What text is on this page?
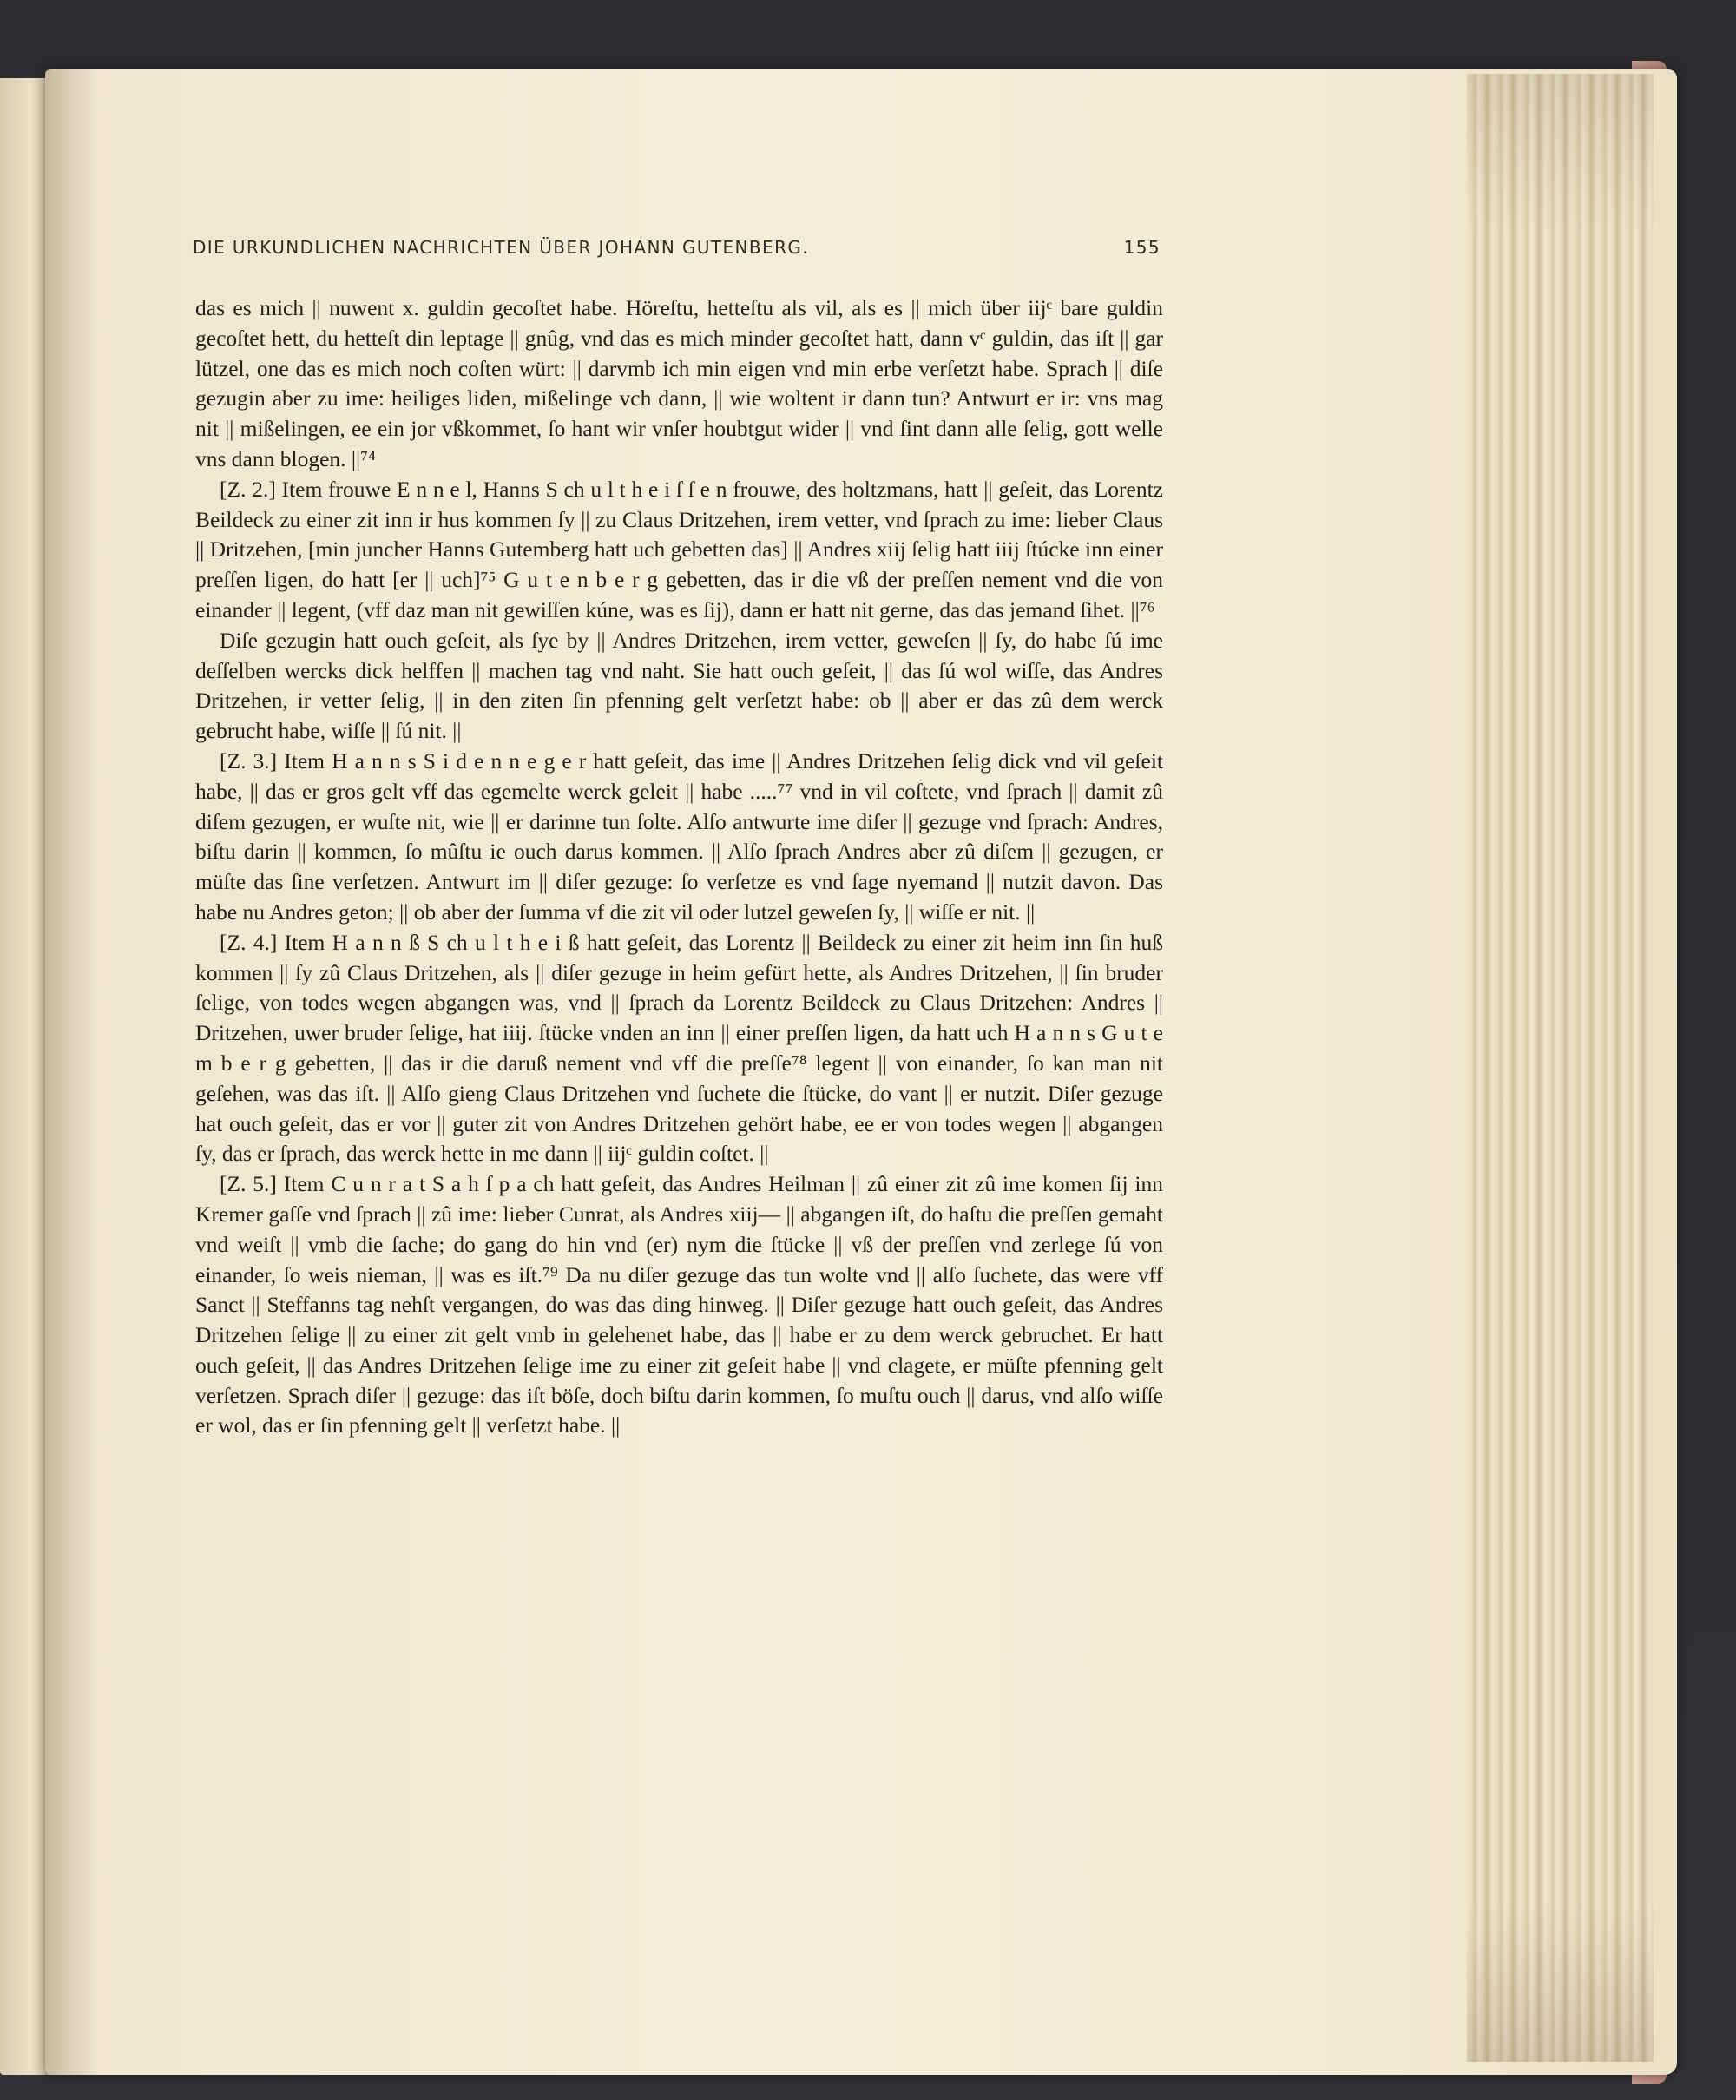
DIE URKUNDLICHEN NACHRICHTEN ÜBER JOHANN GUTENBERG.	155

das es mich || nuwent x. guldin gecoſtet habe. Höreſtu, hetteſtu als vil, als es || mich über iijᶜ bare guldin gecoſtet hett, du hetteſt din leptage || gnûg, vnd das es mich minder gecoſtet hatt, dann vᶜ guldin, das iſt || gar lützel, one das es mich noch coſten würt: || darvmb ich min eigen vnd min erbe verſetzt habe. Sprach || diſe gezugin aber zu ime: heiliges liden, mißelinge vch dann, || wie woltent ir dann tun? Antwurt er ir: vns mag nit || mißelingen, ee ein jor vßkommet, ſo hant wir vnſer houbtgut wider || vnd ſint dann alle ſelig, gott welle vns dann blogen. ||⁷⁴

[Z. 2.] Item frouwe E n n e l, Hanns S ch u l t h e i ſ ſ e n frouwe, des holtzmans, hatt || geſeit, das Lorentz Beildeck zu einer zit inn ir hus kommen ſy || zu Claus Dritzehen, irem vetter, vnd ſprach zu ime: lieber Claus || Dritzehen, [min juncher Hanns Gutemberg hatt uch gebetten das] || Andres xiij ſelig hatt iiij ſtúcke inn einer preſſen ligen, do hatt [er || uch]⁷⁵ G u t e n b e r g gebetten, das ir die vß der preſſen nement vnd die von einander || legent, (vff daz man nit gewiſſen kúne, was es ſij), dann er hatt nit gerne, das das jemand ſihet. ||⁷⁶

Diſe gezugin hatt ouch geſeit, als ſye by || Andres Dritzehen, irem vetter, geweſen || ſy, do habe ſú ime deſſelben wercks dick helffen || machen tag vnd naht. Sie hatt ouch geſeit, || das ſú wol wiſſe, das Andres Dritzehen, ir vetter ſelig, || in den ziten ſin pfenning gelt verſetzt habe: ob || aber er das zû dem werck gebrucht habe, wiſſe || ſú nit. ||

[Z. 3.] Item H a n n s S i d e n n e g e r hatt geſeit, das ime || Andres Dritzehen ſelig dick vnd vil geſeit habe, || das er gros gelt vff das egemelte werck geleit || habe .....⁷⁷ vnd in vil coſtete, vnd ſprach || damit zû diſem gezugen, er wuſte nit, wie || er darinne tun ſolte. Alſo antwurte ime diſer || gezuge vnd ſprach: Andres, biſtu darin || kommen, ſo mûſtu ie ouch darus kommen. || Alſo ſprach Andres aber zû diſem || gezugen, er müſte das ſine verſetzen. Antwurt im || diſer gezuge: ſo verſetze es vnd ſage nyemand || nutzit davon. Das habe nu Andres geton; || ob aber der ſumma vf die zit vil oder lutzel geweſen ſy, || wiſſe er nit. ||

[Z. 4.] Item H a n n ß S ch u l t h e i ß hatt geſeit, das Lorentz || Beildeck zu einer zit heim inn ſin huß kommen || ſy zû Claus Dritzehen, als || diſer gezuge in heim gefürt hette, als Andres Dritzehen, || ſin bruder ſelige, von todes wegen abgangen was, vnd || ſprach da Lorentz Beildeck zu Claus Dritzehen: Andres || Dritzehen, uwer bruder ſelige, hat iiij. ſtücke vnden an inn || einer preſſen ligen, da hatt uch H a n n s G u t e m b e r g gebetten, || das ir die daruß nement vnd vff die preſſe⁷⁸ legent || von einander, ſo kan man nit geſehen, was das iſt. || Alſo gieng Claus Dritzehen vnd ſuchete die ſtücke, do vant || er nutzit. Diſer gezuge hat ouch geſeit, das er vor || guter zit von Andres Dritzehen gehört habe, ee er von todes wegen || abgangen ſy, das er ſprach, das werck hette in me dann || iijᶜ guldin coſtet. ||

[Z. 5.] Item C u n r a t S a h ſ p a ch hatt geſeit, das Andres Heilman || zû einer zit zû ime komen ſij inn Kremer gaſſe vnd ſprach || zû ime: lieber Cunrat, als Andres xiij— || abgangen iſt, do haſtu die preſſen gemaht vnd weiſt || vmb die ſache; do gang do hin vnd (er) nym die ſtücke || vß der preſſen vnd zerlege ſú von einander, ſo weis nieman, || was es iſt.⁷⁹ Da nu diſer gezuge das tun wolte vnd || alſo ſuchete, das were vff Sanct || Steffanns tag nehſt vergangen, do was das ding hinweg. || Diſer gezuge hatt ouch geſeit, das Andres Dritzehen ſelige || zu einer zit gelt vmb in gelehenet habe, das || habe er zu dem werck gebruchet. Er hatt ouch geſeit, || das Andres Dritzehen ſelige ime zu einer zit geſeit habe || vnd clagete, er müſte pfenning gelt verſetzen. Sprach diſer || gezuge: das iſt böſe, doch biſtu darin kommen, ſo muſtu ouch || darus, vnd alſo wiſſe er wol, das er ſin pfenning gelt || verſetzt habe. ||
